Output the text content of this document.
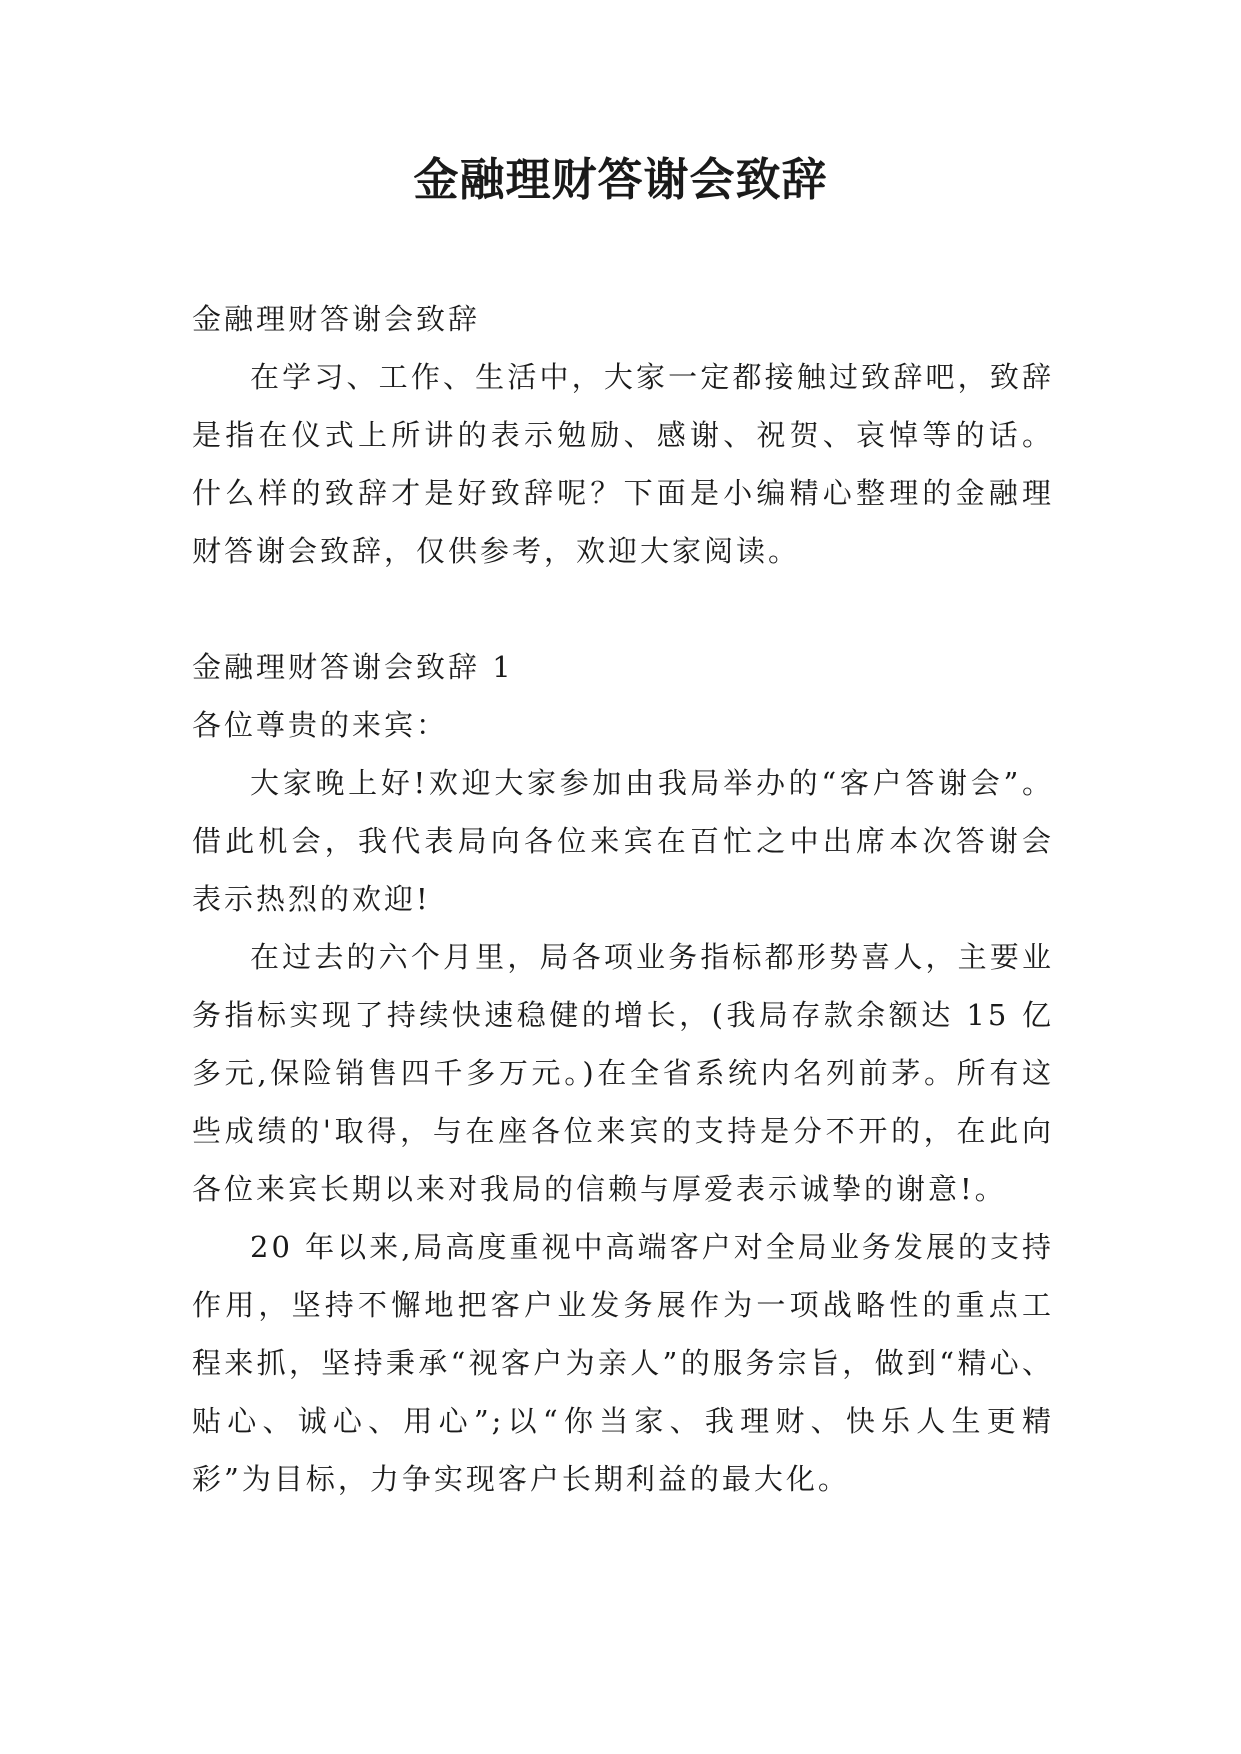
金融理财答谢会致辞

金融理财答谢会致辞

在学习、工作、生活中，大家一定都接触过致辞吧，致辞是指在仪式上所讲的表示勉励、感谢、祝贺、哀悼等的话。什么样的致辞才是好致辞呢？下面是小编精心整理的金融理财答谢会致辞，仅供参考，欢迎大家阅读。

金融理财答谢会致辞 1

各位尊贵的来宾：

大家晚上好!欢迎大家参加由我局举办的“客户答谢会”。借此机会，我代表局向各位来宾在百忙之中出席本次答谢会表示热烈的欢迎!

在过去的六个月里，局各项业务指标都形势喜人，主要业务指标实现了持续快速稳健的增长，(我局存款余额达 15 亿多元,保险销售四千多万元。)在全省系统内名列前茅。所有这些成绩的'取得，与在座各位来宾的支持是分不开的，在此向各位来宾长期以来对我局的信赖与厚爱表示诚挚的谢意!。

20 年以来,局高度重视中高端客户对全局业务发展的支持作用，坚持不懈地把客户业发务展作为一项战略性的重点工程来抓，坚持秉承“视客户为亲人”的服务宗旨，做到“精心、贴心、诚心、用心”;以“你当家、我理财、快乐人生更精彩”为目标，力争实现客户长期利益的最大化。
